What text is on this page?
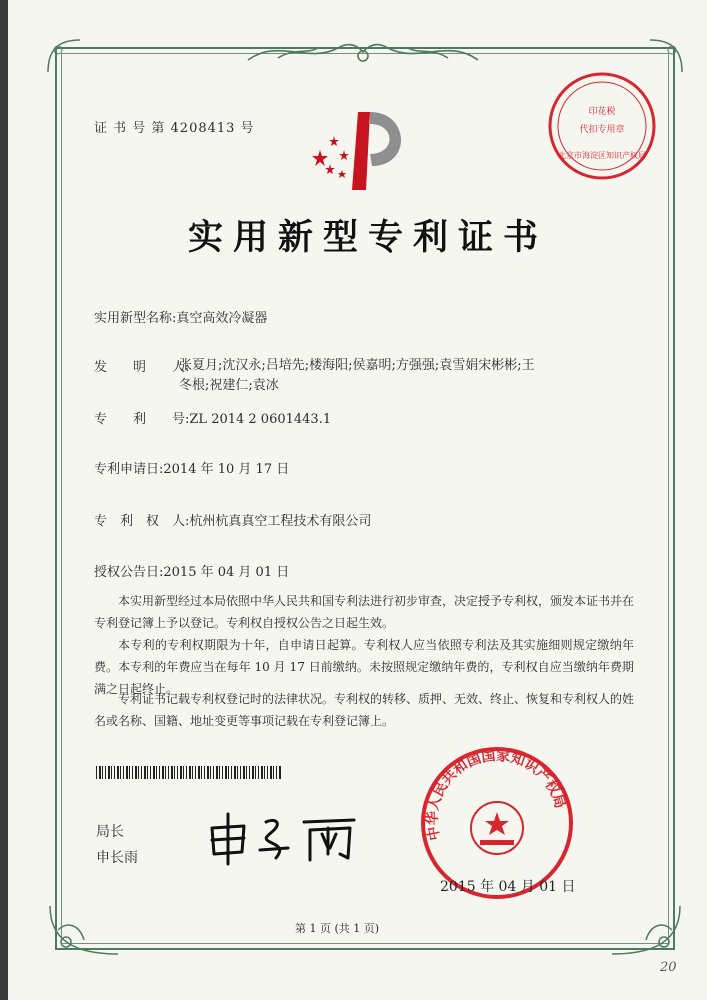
印花税
代扣专用章
北京市海淀区知识产权局
证 书 号 第 4208413 号
实用新型专利证书
实用新型名称:真空高效冷凝器
发　　明　　人:
张夏月;沈汉永;吕培先;楼海阳;侯嘉明;方强强;袁雪娟宋彬彬;王冬根;祝建仁;袁冰
专　　利　　号:ZL 2014 2 0601443.1
专利申请日:2014 年 10 月 17 日
专　利　权　人:杭州杭真真空工程技术有限公司
授权公告日:2015 年 04 月 01 日
本实用新型经过本局依照中华人民共和国专利法进行初步审查，决定授予专利权，颁发本证书并在专利登记簿上予以登记。专利权自授权公告之日起生效。
本专利的专利权期限为十年，自申请日起算。专利权人应当依照专利法及其实施细则规定缴纳年费。本专利的年费应当在每年 10 月 17 日前缴纳。未按照规定缴纳年费的，专利权自应当缴纳年费期满之日起终止。
专利证书记载专利权登记时的法律状况。专利权的转移、质押、无效、终止、恢复和专利权人的姓名或名称、国籍、地址变更等事项记载在专利登记簿上。
局长
申长雨
中华人民共和国国家知识产权局
2015 年 04 月 01 日
第 1 页 (共 1 页)
20
